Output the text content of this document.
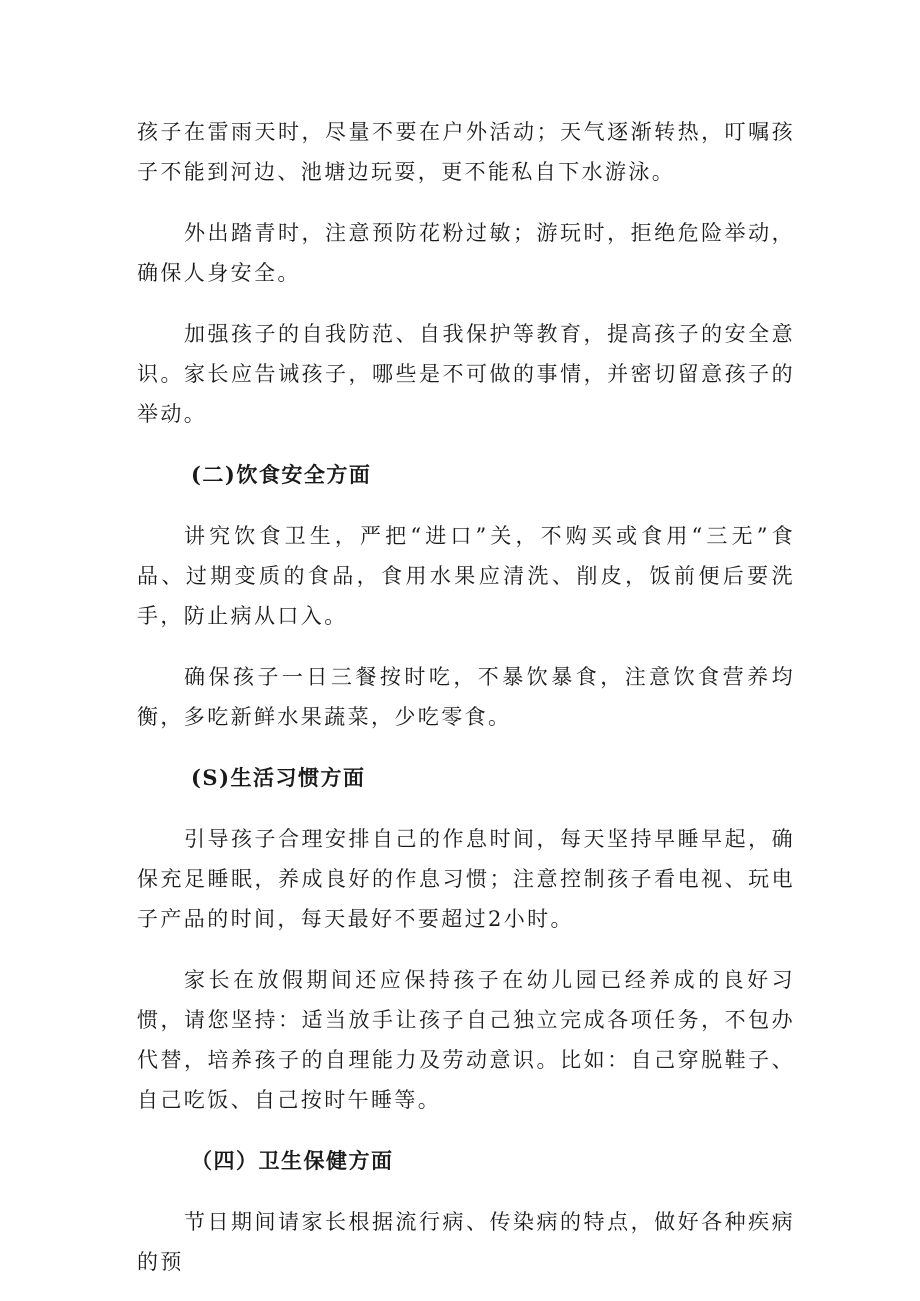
孩子在雷雨天时，尽量不要在户外活动；天气逐渐转热，叮嘱孩子不能到河边、池塘边玩耍，更不能私自下水游泳。

外出踏青时，注意预防花粉过敏；游玩时，拒绝危险举动，确保人身安全。

加强孩子的自我防范、自我保护等教育，提高孩子的安全意识。家长应告诫孩子，哪些是不可做的事情，并密切留意孩子的举动。

(二)饮食安全方面

讲究饮食卫生，严把“进口”关，不购买或食用“三无”食品、过期变质的食品，食用水果应清洗、削皮，饭前便后要洗手，防止病从口入。

确保孩子一日三餐按时吃，不暴饮暴食，注意饮食营养均衡，多吃新鲜水果蔬菜，少吃零食。

(S)生活习惯方面

引导孩子合理安排自己的作息时间，每天坚持早睡早起，确保充足睡眠，养成良好的作息习惯；注意控制孩子看电视、玩电子产品的时间，每天最好不要超过2小时。

家长在放假期间还应保持孩子在幼儿园已经养成的良好习惯，请您坚持：适当放手让孩子自己独立完成各项任务，不包办代替，培养孩子的自理能力及劳动意识。比如：自己穿脱鞋子、自己吃饭、自己按时午睡等。

（四）卫生保健方面

节日期间请家长根据流行病、传染病的特点，做好各种疾病的预
